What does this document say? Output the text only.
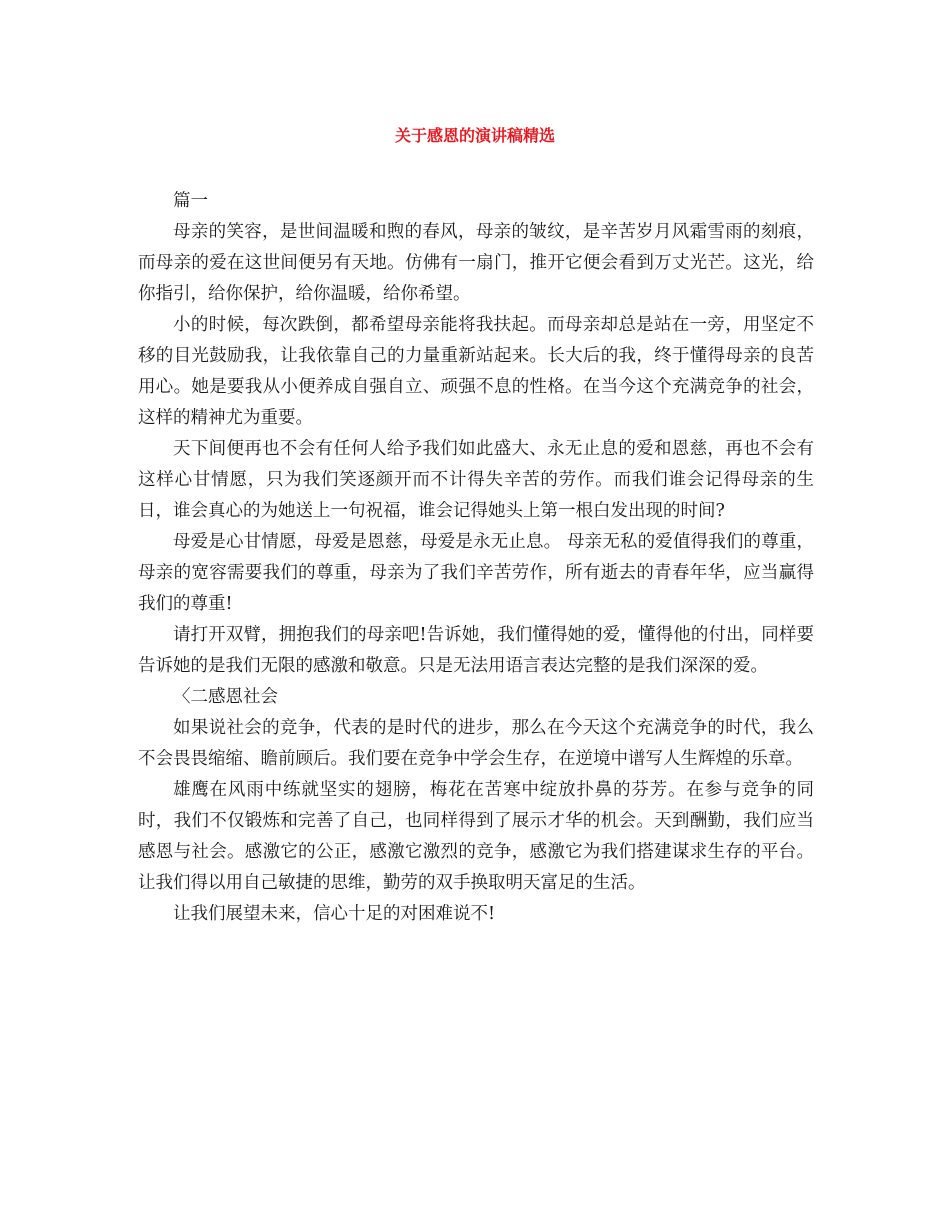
关于感恩的演讲稿精选

篇一

母亲的笑容，是世间温暖和煦的春风，母亲的皱纹，是辛苦岁月风霜雪雨的刻痕，而母亲的爱在这世间便另有天地。仿佛有一扇门，推开它便会看到万丈光芒。这光，给你指引，给你保护，给你温暖，给你希望。

小的时候，每次跌倒，都希望母亲能将我扶起。而母亲却总是站在一旁，用坚定不移的目光鼓励我，让我依靠自己的力量重新站起来。长大后的我，终于懂得母亲的良苦用心。她是要我从小便养成自强自立、顽强不息的性格。在当今这个充满竞争的社会，这样的精神尤为重要。

天下间便再也不会有任何人给予我们如此盛大、永无止息的爱和恩慈，再也不会有这样心甘情愿，只为我们笑逐颜开而不计得失辛苦的劳作。而我们谁会记得母亲的生日，谁会真心的为她送上一句祝福，谁会记得她头上第一根白发出现的时间?

母爱是心甘情愿，母爱是恩慈，母爱是永无止息。 母亲无私的爱值得我们的尊重，母亲的宽容需要我们的尊重，母亲为了我们辛苦劳作，所有逝去的青春年华，应当赢得我们的尊重!

请打开双臂，拥抱我们的母亲吧!告诉她，我们懂得她的爱，懂得他的付出，同样要告诉她的是我们无限的感激和敬意。只是无法用语言表达完整的是我们深深的爱。

〈二感恩社会

如果说社会的竞争，代表的是时代的进步，那么在今天这个充满竞争的时代，我么不会畏畏缩缩、瞻前顾后。我们要在竞争中学会生存，在逆境中谱写人生辉煌的乐章。

雄鹰在风雨中练就坚实的翅膀，梅花在苦寒中绽放扑鼻的芬芳。在参与竞争的同时，我们不仅锻炼和完善了自己，也同样得到了展示才华的机会。天到酬勤，我们应当感恩与社会。感激它的公正，感激它激烈的竞争，感激它为我们搭建谋求生存的平台。让我们得以用自己敏捷的思维，勤劳的双手换取明天富足的生活。

让我们展望未来，信心十足的对困难说不!
